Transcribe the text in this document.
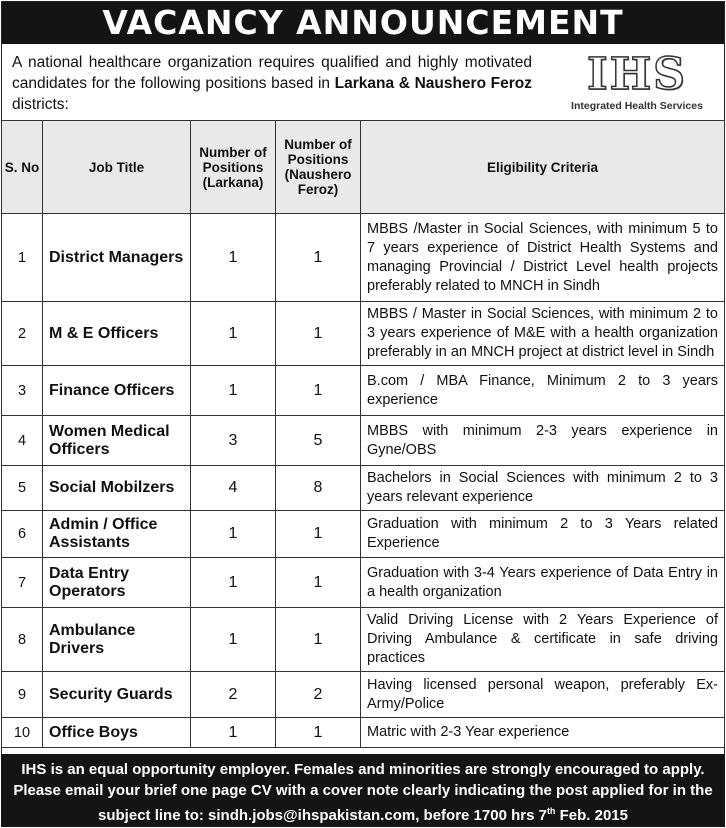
VACANCY ANNOUNCEMENT
A national healthcare organization requires qualified and highly motivated candidates for the following positions based in Larkana & Naushero Feroz districts:
IHS
Integrated Health Services
S. No	Job Title	Number of Positions (Larkana)	Number of Positions (Naushero Feroz)	Eligibility Criteria
1	District Managers	1	1	MBBS /Master in Social Sciences, with minimum 5 to 7 years experience of District Health Systems and managing Provincial / District Level health projects preferably related to MNCH in Sindh
2	M & E Officers	1	1	MBBS / Master in Social Sciences, with minimum 2 to 3 years experience of M&E with a health organization preferably in an MNCH project at district level in Sindh
3	Finance Officers	1	1	B.com / MBA Finance, Minimum 2 to 3 years experience
4	Women Medical Officers	3	5	MBBS with minimum 2-3 years experience in Gyne/OBS
5	Social Mobilzers	4	8	Bachelors in Social Sciences with minimum 2 to 3 years relevant experience
6	Admin / Office Assistants	1	1	Graduation with minimum 2 to 3 Years related Experience
7	Data Entry Operators	1	1	Graduation with 3-4 Years experience of Data Entry in a health organization
8	Ambulance Drivers	1	1	Valid Driving License with 2 Years Experience of Driving Ambulance & certificate in safe driving practices
9	Security Guards	2	2	Having licensed personal weapon, preferably Ex-Army/Police
10	Office Boys	1	1	Matric with 2-3 Year experience
IHS is an equal opportunity employer. Females and minorities are strongly encouraged to apply.
Please email your brief one page CV with a cover note clearly indicating the post applied for in the
subject line to: sindh.jobs@ihspakistan.com, before 1700 hrs 7th Feb. 2015
